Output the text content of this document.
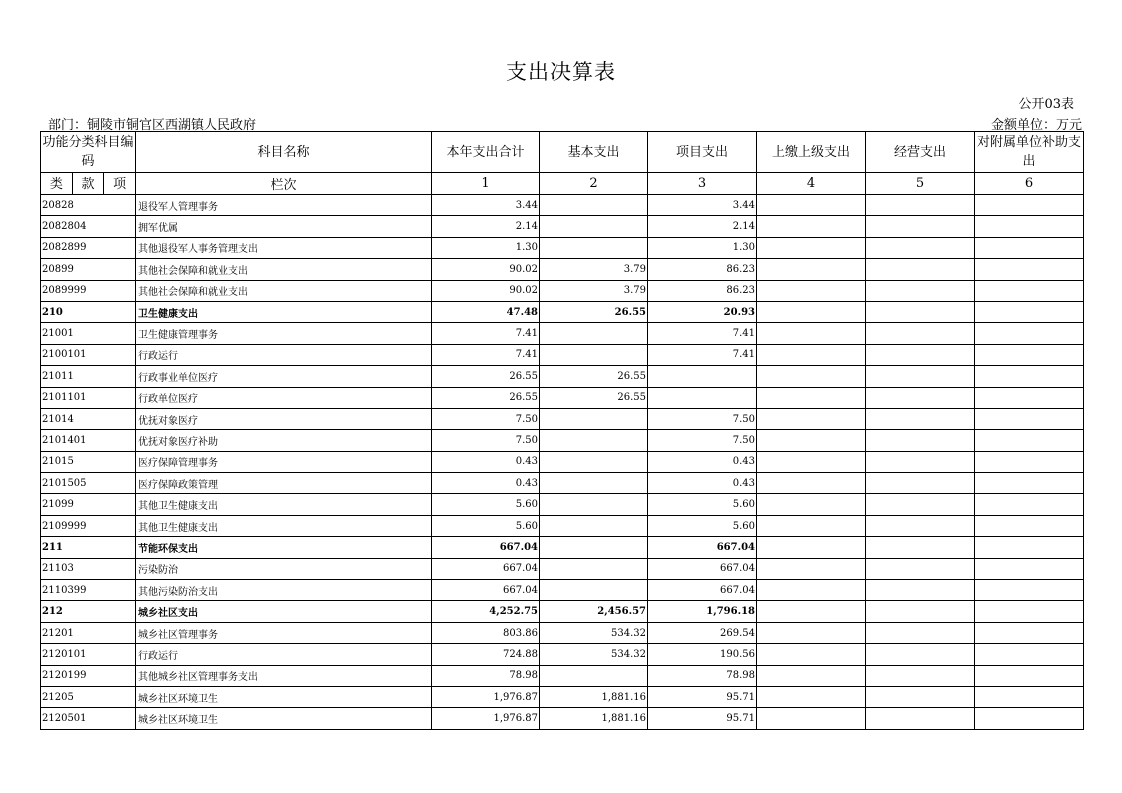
支出决算表
公开03表
部门：铜陵市铜官区西湖镇人民政府	金额单位：万元
功能分类科目编码	科目名称	本年支出合计	基本支出	项目支出	上缴上级支出	经营支出	对附属单位补助支出

类 款 项	栏次	1	2	3	4	5	6
20828	退役军人管理事务	3.44		3.44			
2082804	拥军优属	2.14		2.14			
2082899	其他退役军人事务管理支出	1.30		1.30			
20899	其他社会保障和就业支出	90.02	3.79	86.23			
2089999	其他社会保障和就业支出	90.02	3.79	86.23			
210	卫生健康支出	47.48	26.55	20.93			
21001	卫生健康管理事务	7.41		7.41			
2100101	行政运行	7.41		7.41			
21011	行政事业单位医疗	26.55	26.55				
2101101	行政单位医疗	26.55	26.55				
21014	优抚对象医疗	7.50		7.50			
2101401	优抚对象医疗补助	7.50		7.50			
21015	医疗保障管理事务	0.43		0.43			
2101505	医疗保障政策管理	0.43		0.43			
21099	其他卫生健康支出	5.60		5.60			
2109999	其他卫生健康支出	5.60		5.60			
211	节能环保支出	667.04		667.04			
21103	污染防治	667.04		667.04			
2110399	其他污染防治支出	667.04		667.04			
212	城乡社区支出	4,252.75	2,456.57	1,796.18			
21201	城乡社区管理事务	803.86	534.32	269.54			
2120101	行政运行	724.88	534.32	190.56			
2120199	其他城乡社区管理事务支出	78.98		78.98			
21205	城乡社区环境卫生	1,976.87	1,881.16	95.71			
2120501	城乡社区环境卫生	1,976.87	1,881.16	95.71			
